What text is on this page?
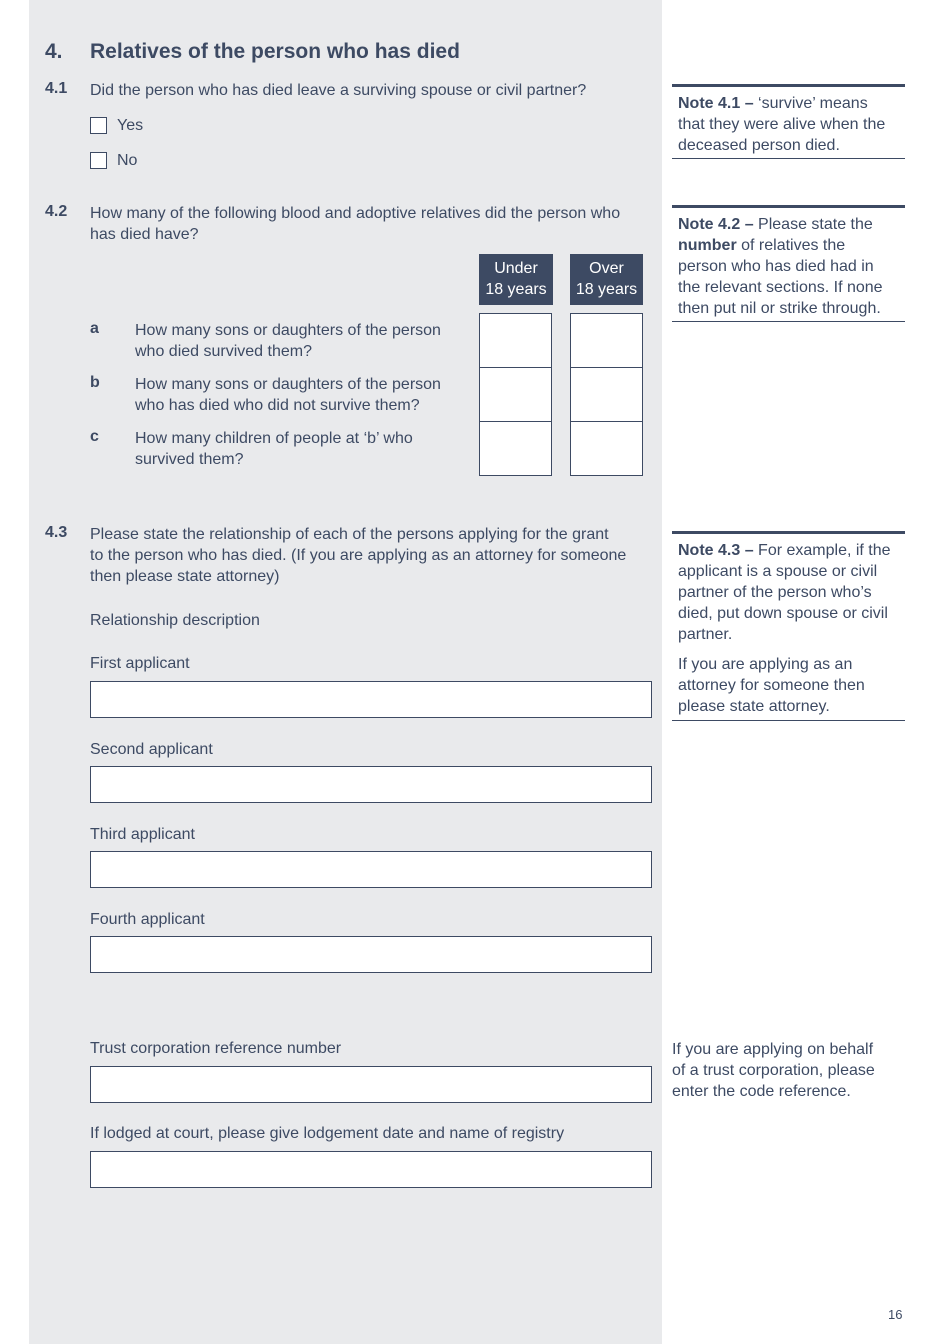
4. Relatives of the person who has died
4.1 Did the person who has died leave a surviving spouse or civil partner?
Yes
No

Note 4.1 – ‘survive’ means
that they were alive when the
deceased person died.

4.2 How many of the following blood and adoptive relatives did the person who
has died have?
Under
18 years
Over
18 years
a How many sons or daughters of the person
who died survived them?
b How many sons or daughters of the person
who has died who did not survive them?
c How many children of people at ‘b’ who
survived them?

Note 4.2 – Please state the
number of relatives the
person who has died had in
the relevant sections. If none
then put nil or strike through.

4.3 Please state the relationship of each of the persons applying for the grant
to the person who has died. (If you are applying as an attorney for someone
then please state attorney)
Relationship description
First applicant
Second applicant
Third applicant
Fourth applicant

Note 4.3 – For example, if the
applicant is a spouse or civil
partner of the person who’s
died, put down spouse or civil
partner.

If you are applying as an
attorney for someone then
please state attorney.

Trust corporation reference number	If you are applying on behalf
of a trust corporation, please
enter the code reference.
If lodged at court, please give lodgement date and name of registry
16
